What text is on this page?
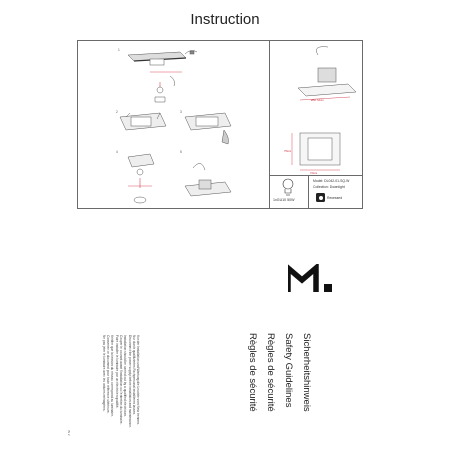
Instruction
Ø60 72mm
72mm
75mm
1
2	3
4	5
1xGU10 50W
Model: DL042-01-SQ-W
Collection: Downlight
Recessed
Sicherheitshinweis
Safety Guidelines
Règles de sécurité
Règles de sécurité
Vor der Installation und Wartung die Leuchte vom Netz trennen.
Nur durch qualifiziertes Fachpersonal installieren lassen.
Disconnect the power supply before installation and maintenance.
Installation should be carried out by a qualified electrician.
Couper le courant avant l'installation ou l'entretien du luminaire.
Faire installer le luminaire par un électricien qualifié.
Vérifier que la tension du réseau correspond au luminaire.
Conserver ce document pour toute référence ultérieure.
Ne pas jeter le luminaire avec les ordures ménagères.
IN 2
